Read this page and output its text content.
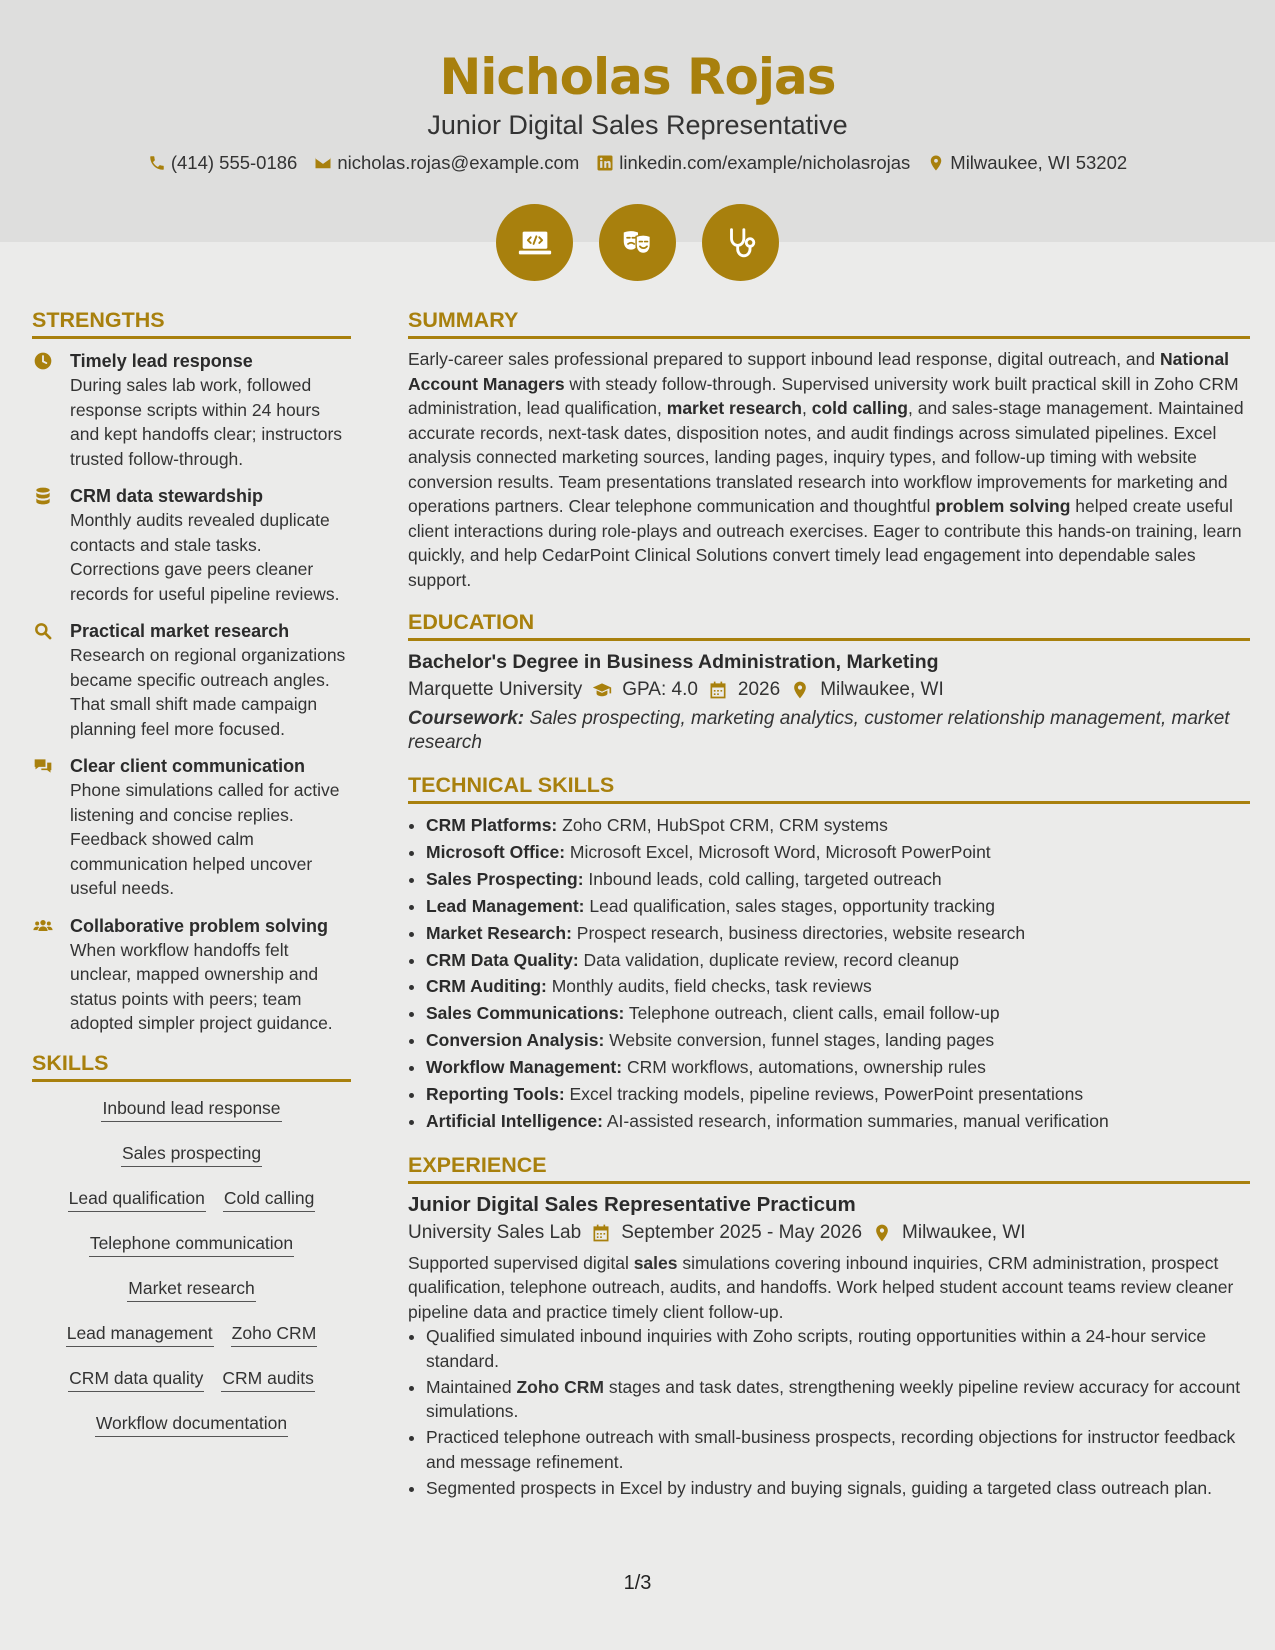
Nicholas Rojas
Junior Digital Sales Representative
(414) 555-0186 nicholas.rojas@example.com linkedin.com/example/nicholasrojas Milwaukee, WI 53202
STRENGTHS
Timely lead response
During sales lab work, followed response scripts within 24 hours and kept handoffs clear; instructors trusted follow-through.
CRM data stewardship
Monthly audits revealed duplicate contacts and stale tasks. Corrections gave peers cleaner records for useful pipeline reviews.
Practical market research
Research on regional organizations became specific outreach angles. That small shift made campaign planning feel more focused.
Clear client communication
Phone simulations called for active listening and concise replies. Feedback showed calm communication helped uncover useful needs.
Collaborative problem solving
When workflow handoffs felt unclear, mapped ownership and status points with peers; team adopted simpler project guidance.
SKILLS
Inbound lead response
Sales prospecting
Lead qualification Cold calling
Telephone communication
Market research
Lead management Zoho CRM
CRM data quality CRM audits
Workflow documentation
SUMMARY
Early-career sales professional prepared to support inbound lead response, digital outreach, and National Account Managers with steady follow-through. Supervised university work built practical skill in Zoho CRM administration, lead qualification, market research, cold calling, and sales-stage management. Maintained accurate records, next-task dates, disposition notes, and audit findings across simulated pipelines. Excel analysis connected marketing sources, landing pages, inquiry types, and follow-up timing with website conversion results. Team presentations translated research into workflow improvements for marketing and operations partners. Clear telephone communication and thoughtful problem solving helped create useful client interactions during role-plays and outreach exercises. Eager to contribute this hands-on training, learn quickly, and help CedarPoint Clinical Solutions convert timely lead engagement into dependable sales support.
EDUCATION
Bachelor's Degree in Business Administration, Marketing
Marquette University GPA: 4.0 2026 Milwaukee, WI
Coursework: Sales prospecting, marketing analytics, customer relationship management, market research
TECHNICAL SKILLS
• CRM Platforms: Zoho CRM, HubSpot CRM, CRM systems
• Microsoft Office: Microsoft Excel, Microsoft Word, Microsoft PowerPoint
• Sales Prospecting: Inbound leads, cold calling, targeted outreach
• Lead Management: Lead qualification, sales stages, opportunity tracking
• Market Research: Prospect research, business directories, website research
• CRM Data Quality: Data validation, duplicate review, record cleanup
• CRM Auditing: Monthly audits, field checks, task reviews
• Sales Communications: Telephone outreach, client calls, email follow-up
• Conversion Analysis: Website conversion, funnel stages, landing pages
• Workflow Management: CRM workflows, automations, ownership rules
• Reporting Tools: Excel tracking models, pipeline reviews, PowerPoint presentations
• Artificial Intelligence: AI-assisted research, information summaries, manual verification
EXPERIENCE
Junior Digital Sales Representative Practicum
University Sales Lab September 2025 - May 2026 Milwaukee, WI
Supported supervised digital sales simulations covering inbound inquiries, CRM administration, prospect qualification, telephone outreach, audits, and handoffs. Work helped student account teams review cleaner pipeline data and practice timely client follow-up.
• Qualified simulated inbound inquiries with Zoho scripts, routing opportunities within a 24-hour service standard.
• Maintained Zoho CRM stages and task dates, strengthening weekly pipeline review accuracy for account simulations.
• Practiced telephone outreach with small-business prospects, recording objections for instructor feedback and message refinement.
• Segmented prospects in Excel by industry and buying signals, guiding a targeted class outreach plan.
1/3
